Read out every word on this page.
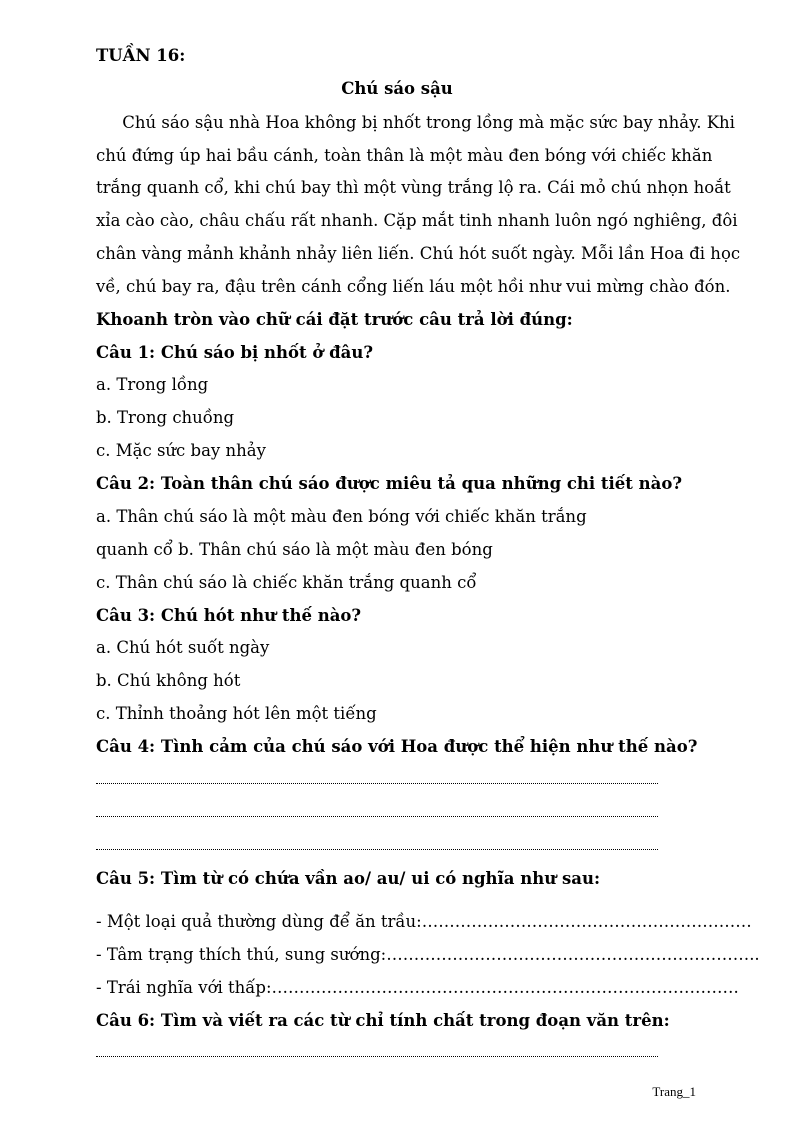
TUẦN 16:
Chú sáo sậu
Chú sáo sậu nhà Hoa không bị nhốt trong lồng mà mặc sức bay nhảy. Khi
chú đứng úp hai bầu cánh, toàn thân là một màu đen bóng với chiếc khăn
trắng quanh cổ, khi chú bay thì một vùng trắng lộ ra. Cái mỏ chú nhọn hoắt
xỉa cào cào, châu chấu rất nhanh. Cặp mắt tinh nhanh luôn ngó nghiêng, đôi
chân vàng mảnh khảnh nhảy liên liến. Chú hót suốt ngày. Mỗi lần Hoa đi học
về, chú bay ra, đậu trên cánh cổng liến láu một hồi như vui mừng chào đón.
Khoanh tròn vào chữ cái đặt trước câu trả lời đúng:
Câu 1: Chú sáo bị nhốt ở đâu?
a. Trong lồng
b. Trong chuồng
c. Mặc sức bay nhảy
Câu 2: Toàn thân chú sáo được miêu tả qua những chi tiết nào?
a. Thân chú sáo là một màu đen bóng với chiếc khăn trắng
quanh cổ b. Thân chú sáo là một màu đen bóng
c. Thân chú sáo là chiếc khăn trắng quanh cổ
Câu 3: Chú hót như thế nào?
a. Chú hót suốt ngày
b. Chú không hót
c. Thỉnh thoảng hót lên một tiếng
Câu 4: Tình cảm của chú sáo với Hoa được thể hiện như thế nào?
Câu 5: Tìm từ có chứa vần ao/ au/ ui có nghĩa như sau:
- Một loại quả thường dùng để ăn trầu:……………………………………………………
- Tâm trạng thích thú, sung sướng:…………………………………………………………..
- Trái nghĩa với thấp:………………………………………………………………………….
Câu 6: Tìm và viết ra các từ chỉ tính chất trong đoạn văn trên:
Trang_1
